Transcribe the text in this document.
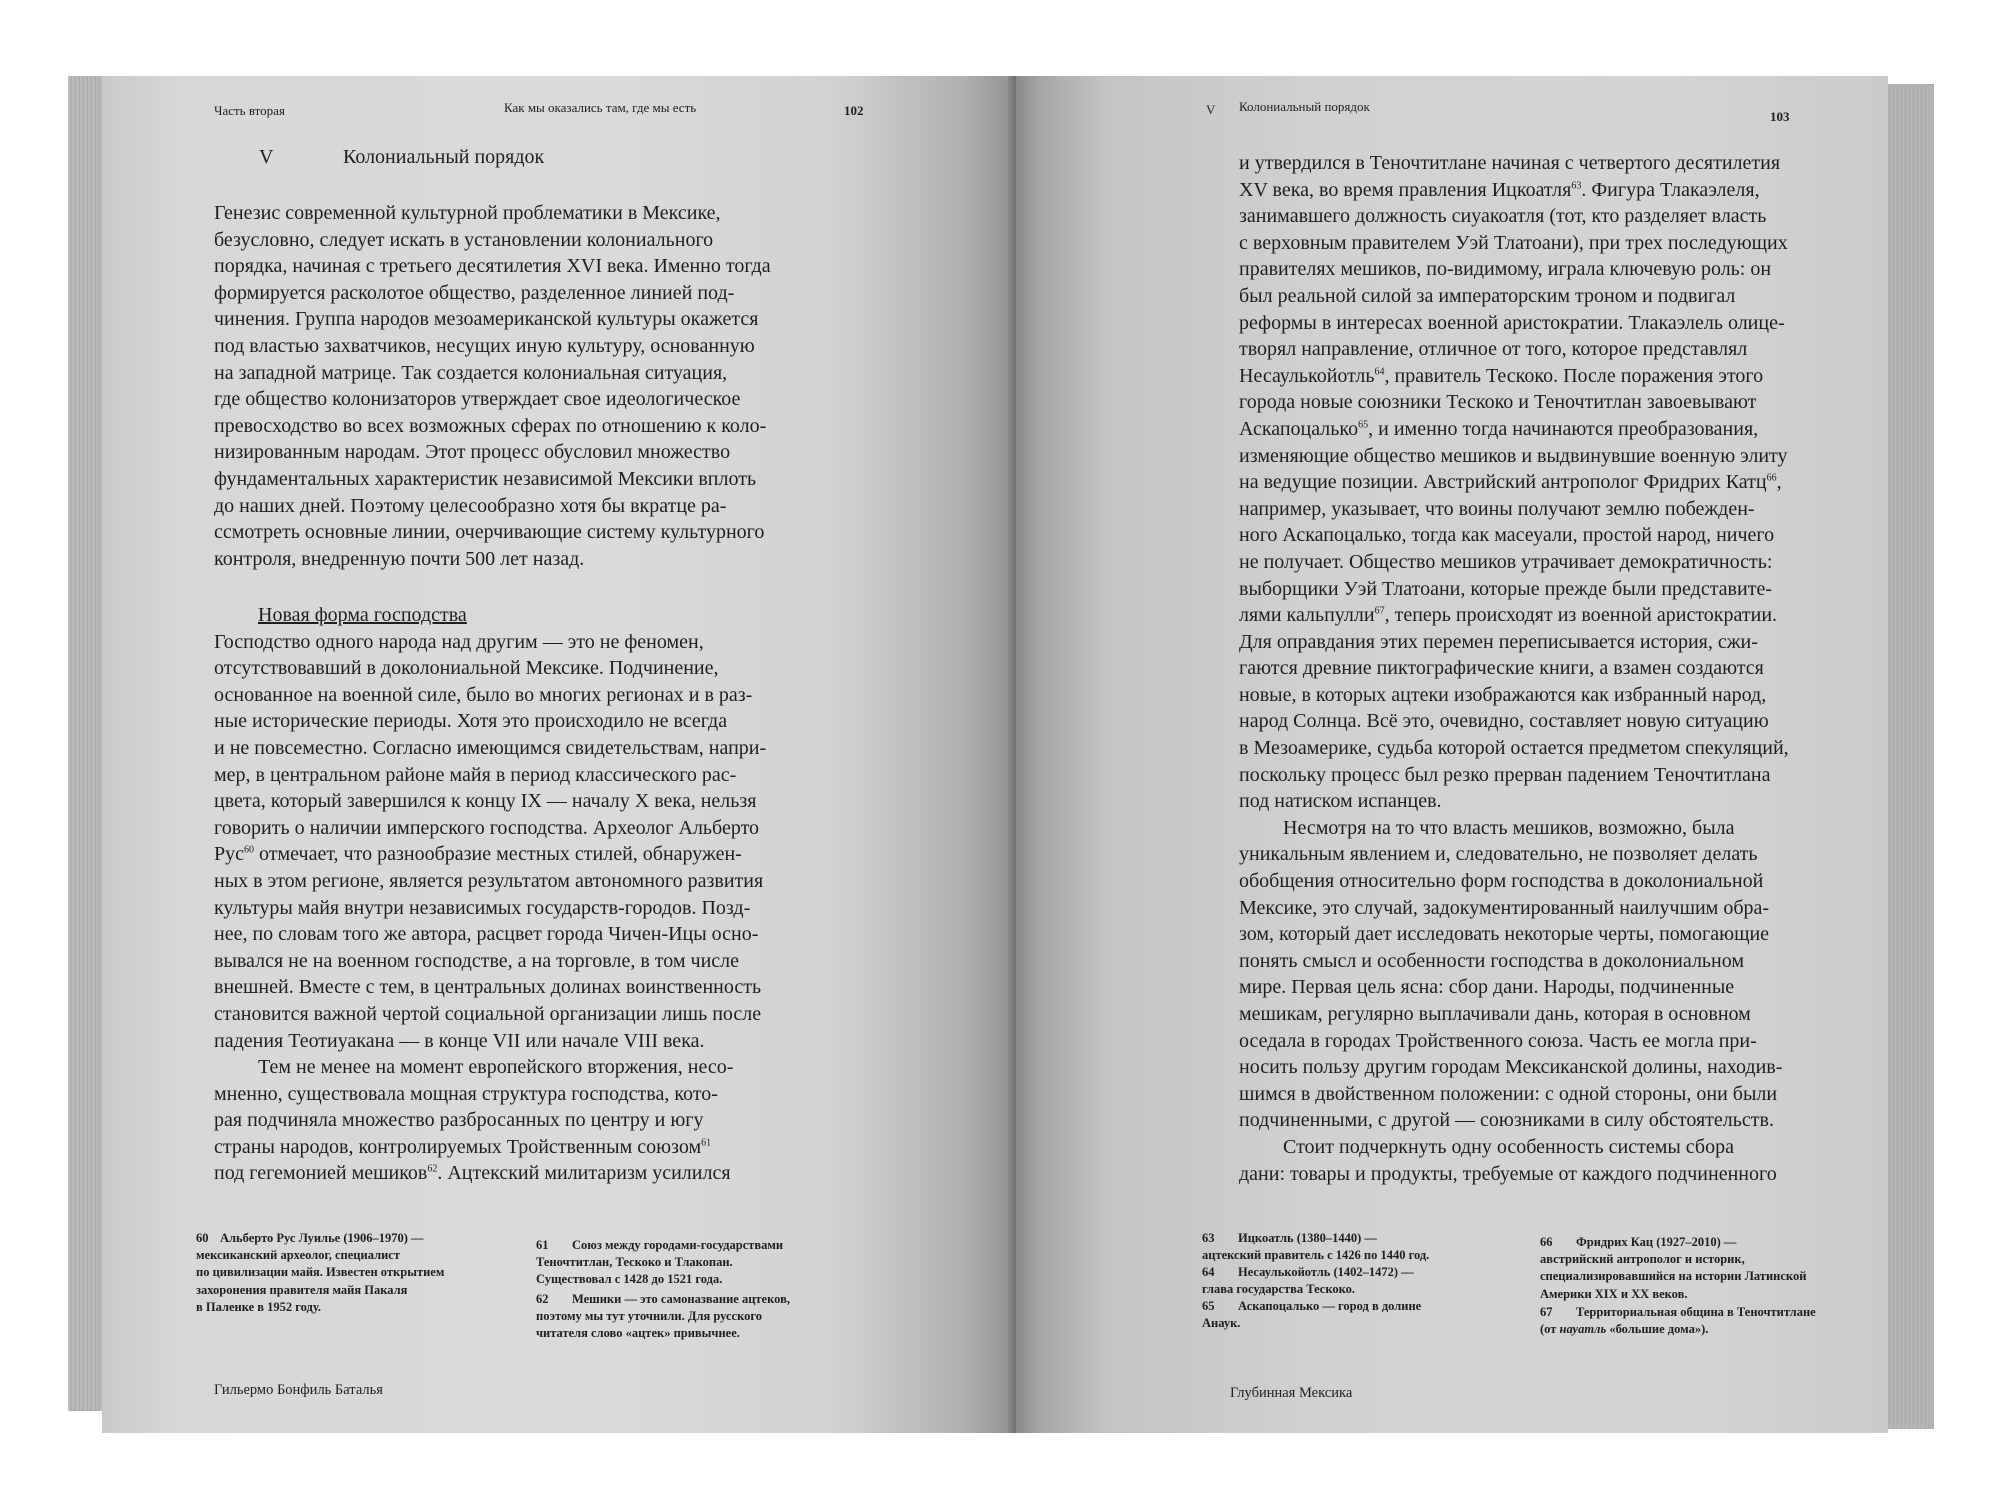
Часть вторая	Как мы оказались там, где мы есть	102
V	Колониальный порядок
Генезис современной культурной проблематики в Мексике,
безусловно, следует искать в установлении колониального
порядка, начиная с третьего десятилетия XVI века. Именно тогда
формируется расколотое общество, разделенное линией под-
чинения. Группа народов мезоамериканской культуры окажется
под властью захватчиков, несущих иную культуру, основанную
на западной матрице. Так создается колониальная ситуация,
где общество колонизаторов утверждает свое идеологическое
превосходство во всех возможных сферах по отношению к коло-
низированным народам. Этот процесс обусловил множество
фундаментальных характеристик независимой Мексики вплоть
до наших дней. Поэтому целесообразно хотя бы вкратце ра-
ссмотреть основные линии, очерчивающие систему культурного
контроля, внедренную почти 500 лет назад.
Новая форма господства
Господство одного народа над другим — это не феномен,
отсутствовавший в доколониальной Мексике. Подчинение,
основанное на военной силе, было во многих регионах и в раз-
ные исторические периоды. Хотя это происходило не всегда
и не повсеместно. Согласно имеющимся свидетельствам, напри-
мер, в центральном районе майя в период классического рас-
цвета, который завершился к концу IX — началу X века, нельзя
говорить о наличии имперского господства. Археолог Альберто
Рус$^{60}$ отмечает, что разнообразие местных стилей, обнаружен-
ных в этом регионе, является результатом автономного развития
культуры майя внутри независимых государств-городов. Позд-
нее, по словам того же автора, расцвет города Чичен-Ицы осно-
вывался не на военном господстве, а на торговле, в том числе
внешней. Вместе с тем, в центральных долинах воинственность
становится важной чертой социальной организации лишь после
падения Теотиуакана — в конце VII или начале VIII века.
Тем не менее на момент европейского вторжения, несо-
мненно, существовала мощная структура господства, кото-
рая подчиняла множество разбросанных по центру и югу
страны народов, контролируемых Тройственным союзом$^{61}$
под гегемонией мешиков$^{62}$. Ацтекский милитаризм усилился
60 Альберто Рус Луилье (1906–1970) —
мексиканский археолог, специалист
по цивилизации майя. Известен открытием
захоронения правителя майя Пакаля
в Паленке в 1952 году.
61 Союз между городами-государствами
Теночтитлан, Тескоко и Тлакопан.
Существовал с 1428 до 1521 года.
62 Мешики — это самоназвание ацтеков,
поэтому мы тут уточнили. Для русского
читателя слово «ацтек» привычнее.
Гильермо Бонфиль Баталья
V Колониальный порядок
103
и утвердился в Теночтитлане начиная с четвертого десятилетия
XV века, во время правления Ицкоатля$^{63}$. Фигура Тлакаэлеля,
занимавшего должность сиуакоатля (тот, кто разделяет власть
с верховным правителем Уэй Тлатоани), при трех последующих
правителях мешиков, по-видимому, играла ключевую роль: он
был реальной силой за императорским троном и подвигал
реформы в интересах военной аристократии. Тлакаэлель олице-
творял направление, отличное от того, которое представлял
Несаулькойотль$^{64}$, правитель Тескоко. После поражения этого
города новые союзники Тескоко и Теночтитлан завоевывают
Аскапоцалько$^{65}$, и именно тогда начинаются преобразования,
изменяющие общество мешиков и выдвинувшие военную элиту
на ведущие позиции. Австрийский антрополог Фридрих Катц$^{66}$,
например, указывает, что воины получают землю побежден-
ного Аскапоцалько, тогда как масеуали, простой народ, ничего
не получает. Общество мешиков утрачивает демократичность:
выборщики Уэй Тлатоани, которые прежде были представите-
лями кальпулли$^{67}$, теперь происходят из военной аристократии.
Для оправдания этих перемен переписывается история, сжи-
гаются древние пиктографические книги, а взамен создаются
новые, в которых ацтеки изображаются как избранный народ,
народ Солнца. Всё это, очевидно, составляет новую ситуацию
в Мезоамерике, судьба которой остается предметом спекуляций,
поскольку процесс был резко прерван падением Теночтитлана
под натиском испанцев.
Несмотря на то что власть мешиков, возможно, была
уникальным явлением и, следовательно, не позволяет делать
обобщения относительно форм господства в доколониальной
Мексике, это случай, задокументированный наилучшим обра-
зом, который дает исследовать некоторые черты, помогающие
понять смысл и особенности господства в доколониальном
мире. Первая цель ясна: сбор дани. Народы, подчиненные
мешикам, регулярно выплачивали дань, которая в основном
оседала в городах Тройственного союза. Часть ее могла при-
носить пользу другим городам Мексиканской долины, находив-
шимся в двойственном положении: с одной стороны, они были
подчиненными, с другой — союзниками в силу обстоятельств.
Стоит подчеркнуть одну особенность системы сбора
дани: товары и продукты, требуемые от каждого подчиненного
63 Ицкоатль (1380–1440) —
ацтекский правитель с 1426 по 1440 год.
64 Несаулькойотль (1402–1472) —
глава государства Тескоко.
65 Аскапоцалько — город в долине
Анаук.
66 Фридрих Кац (1927–2010) —
австрийский антрополог и историк,
специализировавшийся на истории Латинской
Америки XIX и XX веков.
67 Территориальная община в Теночтитлане
(от науатль «большие дома»).
Глубинная Мексика
